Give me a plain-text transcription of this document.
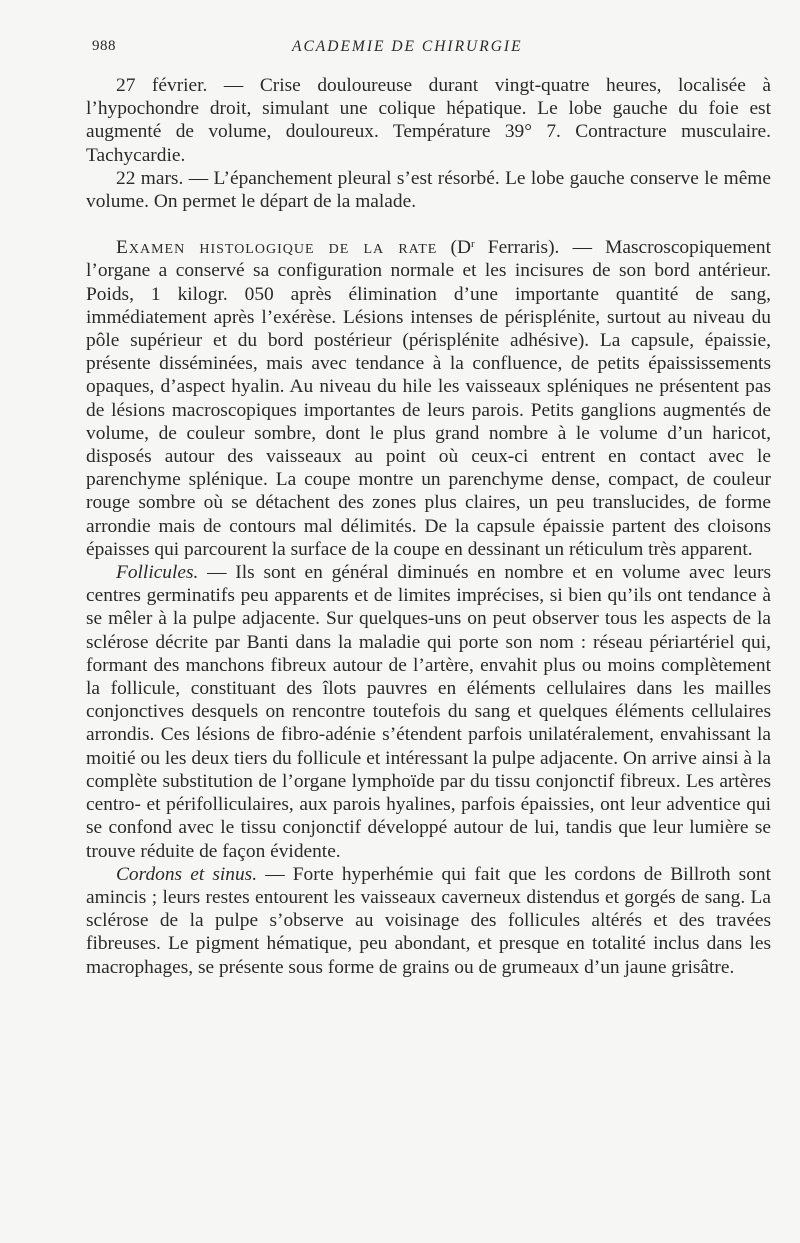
988	ACADEMIE DE CHIRURGIE

27 février. — Crise douloureuse durant vingt-quatre heures, localisée à l’hypochondre droit, simulant une colique hépatique. Le lobe gauche du foie est augmenté de volume, douloureux. Température 39° 7. Contracture musculaire. Tachycardie.

22 mars. — L’épanchement pleural s’est résorbé. Le lobe gauche conserve le même volume. On permet le départ de la malade.

Examen histologique de la rate ($D^r$ Ferraris). — Mascroscopiquement l’organe a conservé sa configuration normale et les incisures de son bord antérieur. Poids, 1 kilogr. 050 après élimination d’une importante quantité de sang, immédiatement après l’exérèse. Lésions intenses de périsplénite, surtout au niveau du pôle supérieur et du bord postérieur (périsplénite adhésive). La capsule, épaissie, présente disséminées, mais avec tendance à la confluence, de petits épaississements opaques, d’aspect hyalin. Au niveau du hile les vaisseaux spléniques ne présentent pas de lésions macroscopiques importantes de leurs parois. Petits ganglions augmentés de volume, de couleur sombre, dont le plus grand nombre à le volume d’un haricot, disposés autour des vaisseaux au point où ceux-ci entrent en contact avec le parenchyme splénique. La coupe montre un parenchyme dense, compact, de couleur rouge sombre où se détachent des zones plus claires, un peu translucides, de forme arrondie mais de contours mal délimités. De la capsule épaissie partent des cloisons épaisses qui parcourent la surface de la coupe en dessinant un réticulum très apparent.

Follicules. — Ils sont en général diminués en nombre et en volume avec leurs centres germinatifs peu apparents et de limites imprécises, si bien qu’ils ont tendance à se mêler à la pulpe adjacente. Sur quelques-uns on peut observer tous les aspects de la sclérose décrite par Banti dans la maladie qui porte son nom : réseau périartériel qui, formant des manchons fibreux autour de l’artère, envahit plus ou moins complètement la follicule, constituant des îlots pauvres en éléments cellulaires dans les mailles conjonctives desquels on rencontre toutefois du sang et quelques éléments cellulaires arrondis. Ces lésions de fibro-adénie s’étendent parfois unilatéralement, envahissant la moitié ou les deux tiers du follicule et intéressant la pulpe adjacente. On arrive ainsi à la complète substitution de l’organe lymphoïde par du tissu conjonctif fibreux. Les artères centro- et périfolliculaires, aux parois hyalines, parfois épaissies, ont leur adventice qui se confond avec le tissu conjonctif développé autour de lui, tandis que leur lumière se trouve réduite de façon évidente.

Cordons et sinus. — Forte hyperhémie qui fait que les cordons de Billroth sont amincis ; leurs restes entourent les vaisseaux caverneux distendus et gorgés de sang. La sclérose de la pulpe s’observe au voisinage des follicules altérés et des travées fibreuses. Le pigment hématique, peu abondant, et presque en totalité inclus dans les macrophages, se présente sous forme de grains ou de grumeaux d’un jaune grisâtre.
